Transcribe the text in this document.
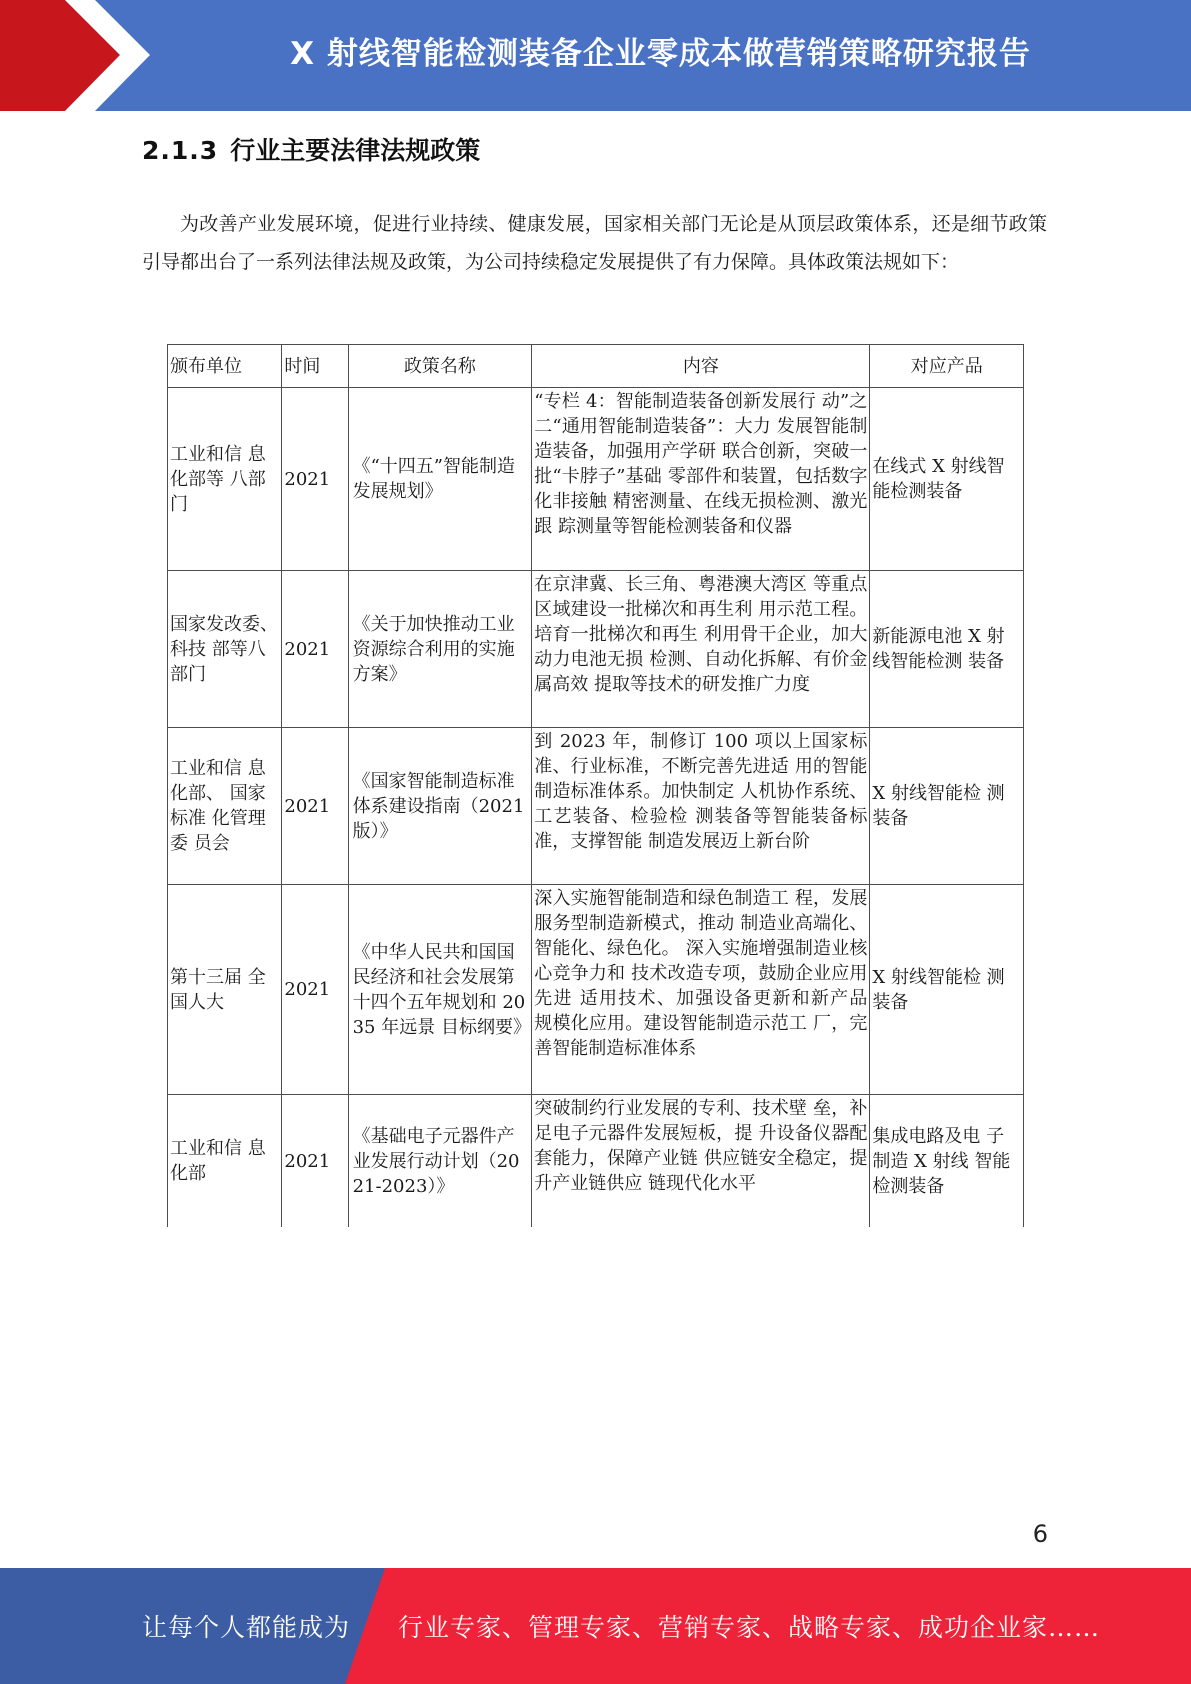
X 射线智能检测装备企业零成本做营销策略研究报告
2.1.3 行业主要法律法规政策

为改善产业发展环境，促进行业持续、健康发展，国家相关部门无论是从顶层政策体系，还是细节政策引导都出台了一系列法律法规及政策，为公司持续稳定发展提供了有力保障。具体政策法规如下：

颁布单位	时间	政策名称	内容	对应产品
工业和信 息化部等 八部门	2021	《“十四五”智能制造发展规划》	“专栏 4：智能制造装备创新发展行 动”之二“通用智能制造装备”：大力 发展智能制造装备，加强用产学研 联合创新，突破一批“卡脖子”基础 零部件和装置，包括数字化非接触 精密测量、在线无损检测、激光跟 踪测量等智能检测装备和仪器	在线式 X 射线智能检测装备
国家发改委、科技 部等八部门	2021	《关于加快推动工业资源综合利用的实施方案》	在京津冀、长三角、粤港澳大湾区 等重点区域建设一批梯次和再生利 用示范工程。培育一批梯次和再生 利用骨干企业，加大动力电池无损 检测、自动化拆解、有价金属高效 提取等技术的研发推广力度	新能源电池 X 射线智能检测 装备
工业和信 息化部、 国家标准 化管理委 员会	2021	《国家智能制造标准体系建设指南（2021 版）》	到 2023 年，制修订 100 项以上国家标准、行业标准，不断完善先进适 用的智能制造标准体系。加快制定 人机协作系统、工艺装备、检验检 测装备等智能装备标准，支撑智能 制造发展迈上新台阶	X 射线智能检 测装备
第十三届 全国人大	2021	《中华人民共和国国民经济和社会发展第十四个五年规划和 2035 年远景 目标纲要》	深入实施智能制造和绿色制造工 程，发展服务型制造新模式，推动 制造业高端化、智能化、绿色化。 深入实施增强制造业核心竞争力和 技术改造专项，鼓励企业应用先进 适用技术、加强设备更新和新产品 规模化应用。建设智能制造示范工 厂，完善智能制造标准体系	X 射线智能检 测装备
工业和信 息化部	2021	《基础电子元器件产业发展行动计划（2021-2023）》	突破制约行业发展的专利、技术壁 垒，补足电子元器件发展短板，提 升设备仪器配套能力，保障产业链 供应链安全稳定，提升产业链供应 链现代化水平	集成电路及电 子制造 X 射线 智能检测装备
6
让每个人都能成为 行业专家、管理专家、营销专家、战略专家、成功企业家……
